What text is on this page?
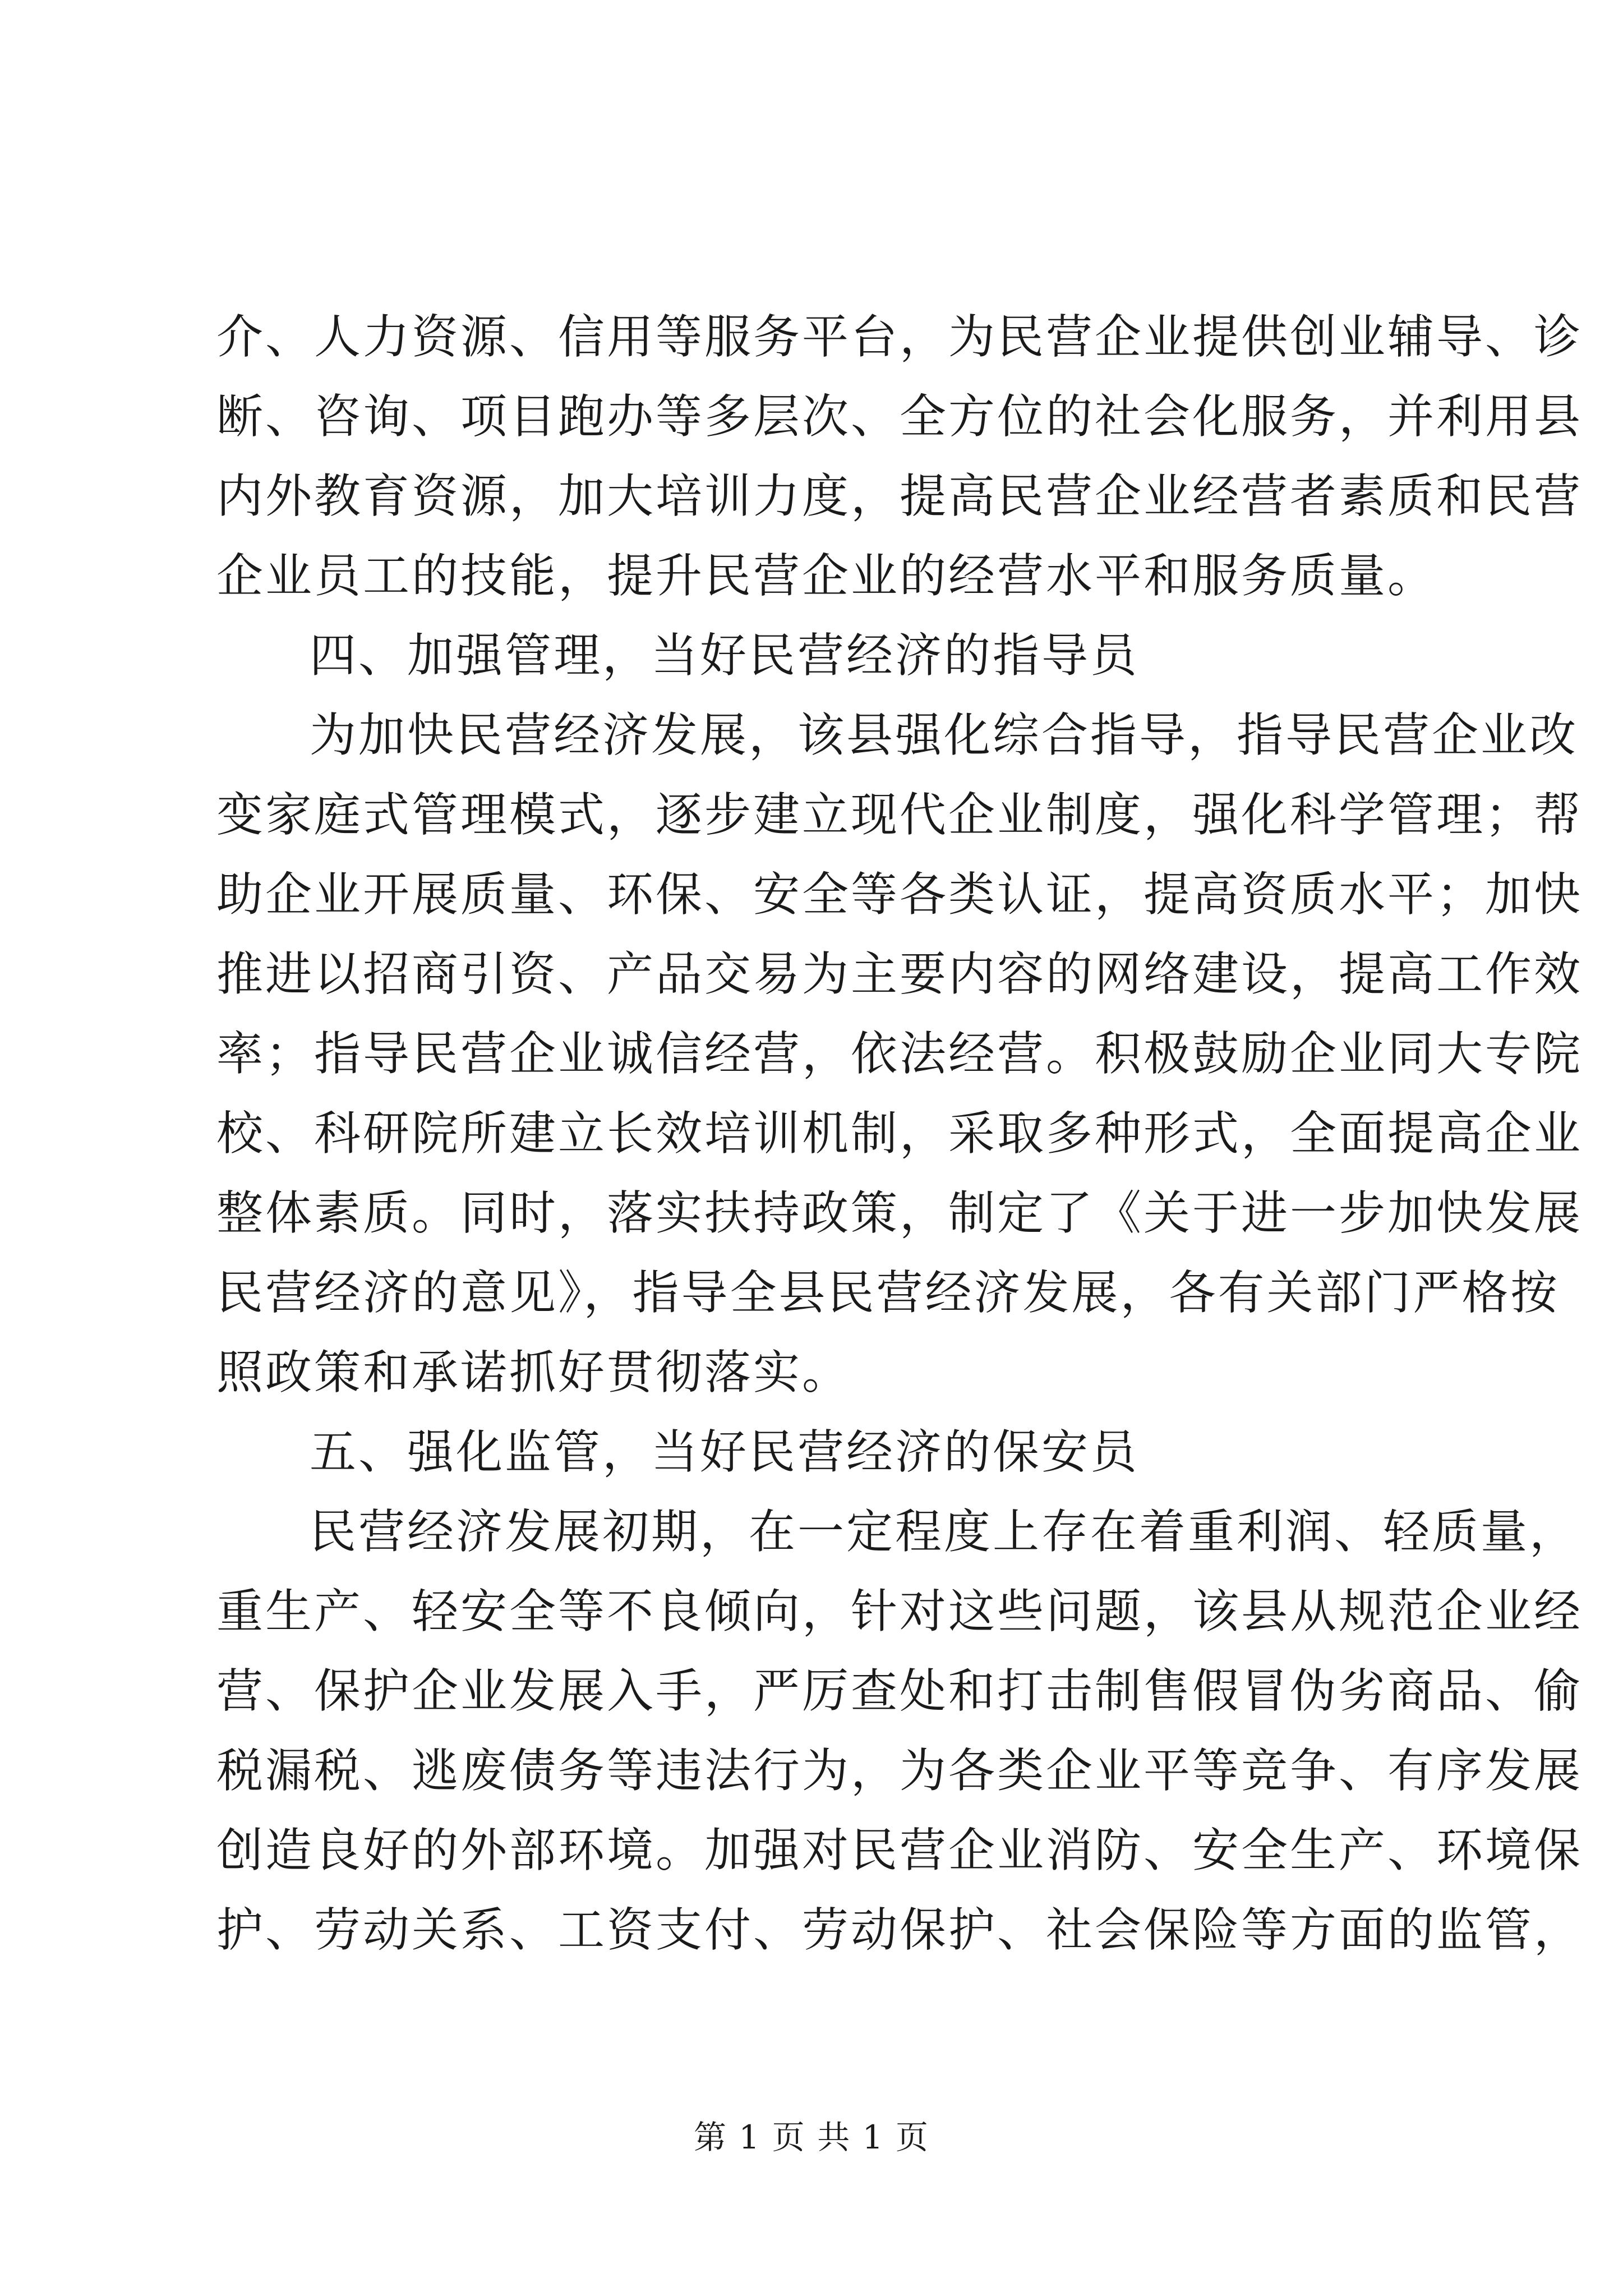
介、人力资源、信用等服务平台，为民营企业提供创业辅导、诊
断、咨询、项目跑办等多层次、全方位的社会化服务，并利用县
内外教育资源，加大培训力度，提高民营企业经营者素质和民营
企业员工的技能，提升民营企业的经营水平和服务质量。
四、加强管理，当好民营经济的指导员
为加快民营经济发展，该县强化综合指导，指导民营企业改
变家庭式管理模式，逐步建立现代企业制度，强化科学管理；帮
助企业开展质量、环保、安全等各类认证，提高资质水平；加快
推进以招商引资、产品交易为主要内容的网络建设，提高工作效
率；指导民营企业诚信经营，依法经营。积极鼓励企业同大专院
校、科研院所建立长效培训机制，采取多种形式，全面提高企业
整体素质。同时，落实扶持政策，制定了《关于进一步加快发展
民营经济的意见》，指导全县民营经济发展，各有关部门严格按
照政策和承诺抓好贯彻落实。
五、强化监管，当好民营经济的保安员
民营经济发展初期，在一定程度上存在着重利润、轻质量，
重生产、轻安全等不良倾向，针对这些问题，该县从规范企业经
营、保护企业发展入手，严厉查处和打击制售假冒伪劣商品、偷
税漏税、逃废债务等违法行为，为各类企业平等竞争、有序发展
创造良好的外部环境。加强对民营企业消防、安全生产、环境保
护、劳动关系、工资支付、劳动保护、社会保险等方面的监管，
第 1 页 共 1 页
